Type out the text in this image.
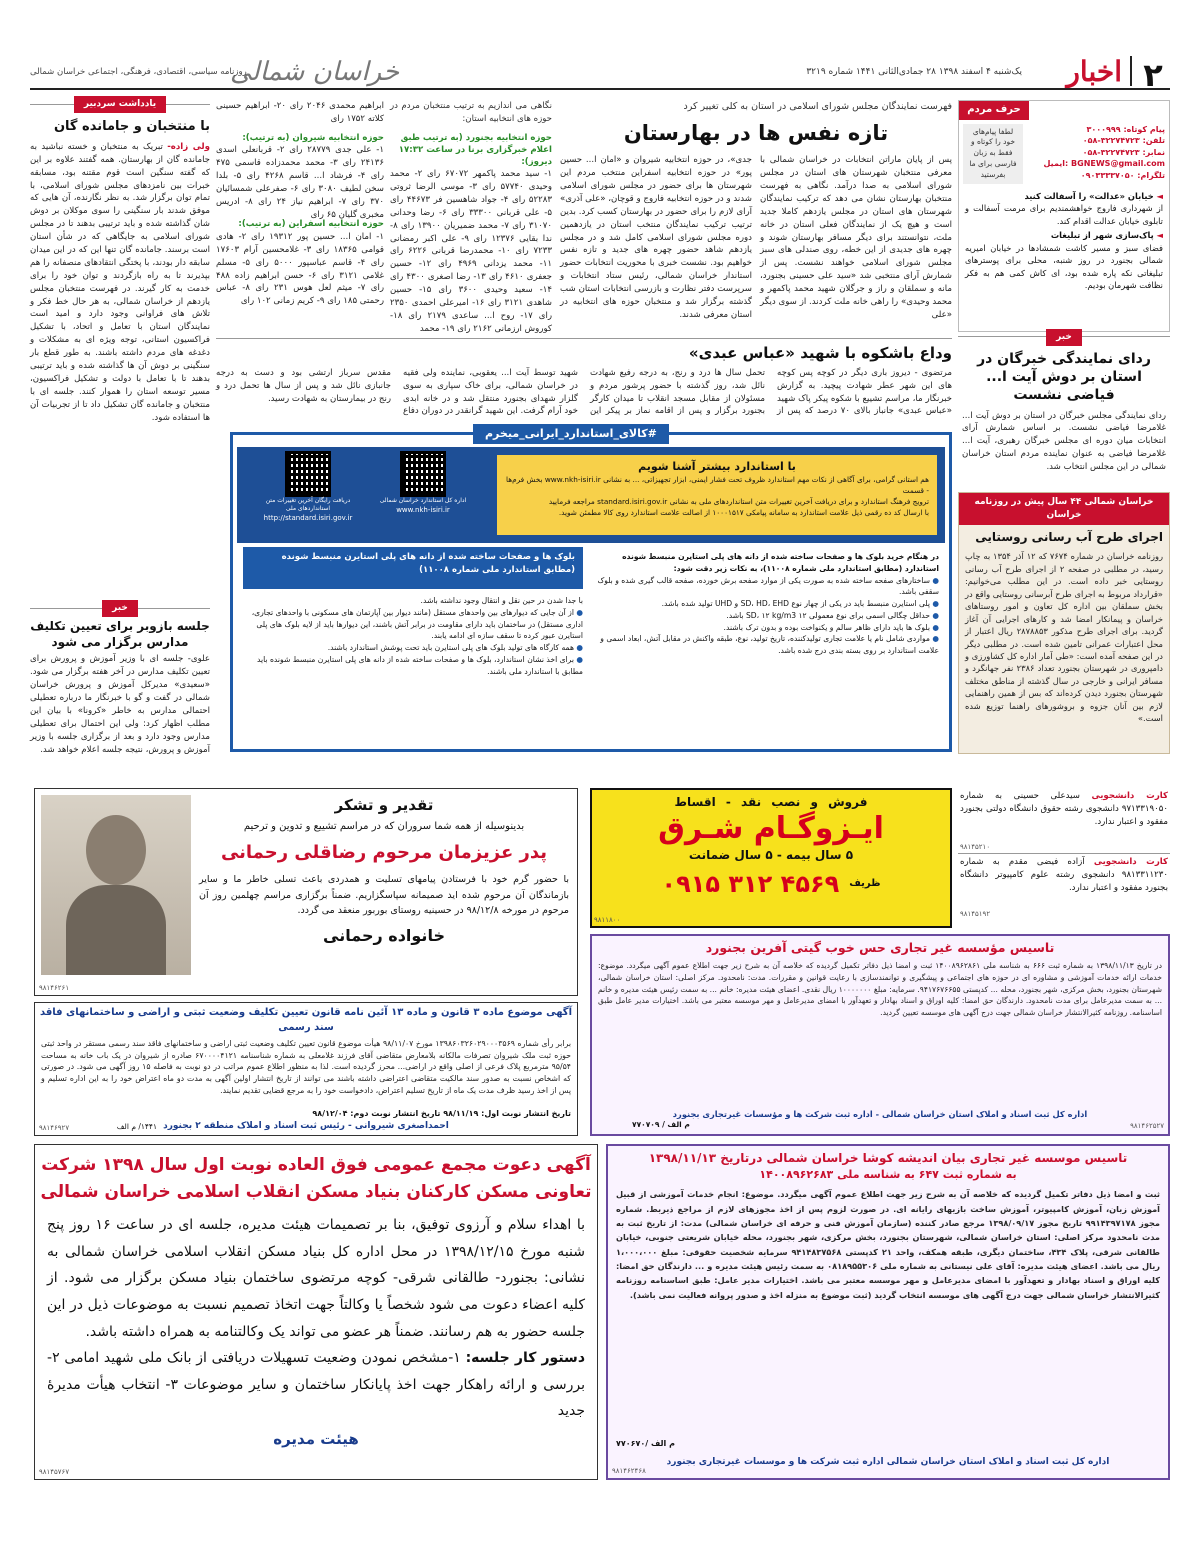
۲
اخبار
یک‌شنبه ۴ اسفند ۱۳۹۸ ۲۸ جمادی‌الثانی ۱۴۴۱ شماره ۳۲۱۹
خراسان شمالی
روزنامه سیاسی، اقتصادی، فرهنگی، اجتماعی خراسان شمالی
حرف مردم
پیام کوتاه: ۳۰۰۰۹۹۹
تلفن: ۳۲۲۷۴۷۲۳-۰۵۸
نمابر: ۳۲۲۷۴۷۲۳-۰۵۸
ایمیل: BGNEWS@gmail.com
تلگرام: ۰۹۰۳۳۳۳۷۰۵۰
لطفا پیام‌های خود را کوتاه و فقط به زبان فارسی برای ما بفرستید
◄ خیابان «عدالت» را آسفالت کنید
از شهرداری فاروج خواهشمندیم برای مرمت آسفالت و تابلوی خیابان عدالت اقدام کند.
◄ پاک‌سازی شهر از تبلیغات
فضای سبز و مسیر کاشت شمشادها در خیابان امیریه شمالی بجنورد در روز شنبه، محلی برای پوسترهای تبلیغاتی نکه پاره شده بود، ای کاش کمی هم به فکر نظافت شهرمان بودیم.
خبر
ردای نمایندگی خبرگان در استان بر دوش آیت ا... فیاضی نشست
ردای نمایندگی مجلس خبرگان در استان بر دوش آیت ا... غلامرضا فیاضی نشست. بر اساس شمارش آرای انتخابات میان دوره ای مجلس خبرگان رهبری، آیت ا... غلامرضا فیاضی به عنوان نماینده مردم استان خراسان شمالی در این مجلس انتخاب شد.
خراسان شمالی ۴۴ سال پیش در روزنامه خراسان
اجرای طرح آب رسانی روستایی
روزنامه خراسان در شماره ۷۶۷۴ که ۱۲ آذر ۱۳۵۴ به چاپ رسید، در مطلبی در صفحه ۲ از اجرای طرح آب رسانی روستایی خبر داده است. در این مطلب می‌خوانیم: «قرارداد مربوط به اجرای طرح آبرسانی روستایی واقع در بخش سملقان بین اداره کل تعاون و امور روستاهای خراسان و پیمانکار امضا شد و کارهای اجرایی آن آغاز گردید. برای اجرای طرح مذکور ۲۸۷۸۸۵۳ ریال اعتبار از محل اعتبارات عمرانی تامین شده است. در مطلبی دیگر در این صفحه آمده است: «طی آمار اداره کل کشاورزی و دامپروری در شهرستان بجنورد تعداد ۲۳۸۶ نفر جهانگرد و مسافر ایرانی و خارجی در سال گذشته از مناطق مختلف شهرستان بجنورد دیدن کرده‌اند که بس از همین راهنمایی لازم بین آنان جزوه و بروشورهای راهنما توزیع شده است.»
فهرست نمایندگان مجلس شورای اسلامی در استان به کلی تغییر کرد
تازه نفس ها در بهارستان
پس از پایان ماراتن انتخابات در خراسان شمالی با معرفی منتخبان شهرستان های استان در مجلس شورای اسلامی به صدا درآمد. نگاهی به فهرست منتخبان بهارستان نشان می دهد که ترکیب نمایندگان شهرستان های استان در مجلس یازدهم کاملا جدید است و هیچ یک از نمایندگان فعلی استان در خانه ملت، نتوانستند برای دیگر مسافر بهارستان شوند و چهره های جدیدی از این خطه، روی صندلی های سبز مجلس شورای اسلامی خواهند نشست. پس از شمارش آرای منتخبی شد «سید علی حسینی بجنورد، مانه و سملقان و راز و جرگلان شهید محمد پاکمهر و محمد وحیدی» را راهی خانه ملت کردند. از سوی دیگر «علی
جدی»، در حوزه انتخابیه شیروان و «امان ا... حسین پور» در حوزه انتخابیه اسفراین منتخب مردم این شهرستان ها برای حضور در مجلس شورای اسلامی شدند و در حوزه انتخابیه فاروج و قوچان، «علی آذری» آرای لازم را برای حضور در بهارستان کسب کرد. بدین ترتیب ترکیب نمایندگان منتخب استان در یازدهمین دوره مجلس شورای اسلامی کامل شد و در مجلس یازدهم شاهد حضور چهره های جدید و تازه نفس خواهیم بود. نشست خبری با محوریت انتخابات حضور استاندار خراسان شمالی، رئیس ستاد انتخابات و سرپرست دفتر نظارت و بازرسی انتخابات استان شب گذشته برگزار شد و منتخبان حوزه های انتخابیه در استان معرفی شدند.
نگاهی می اندازیم به ترتیب منتخبان مردم در حوزه های انتخابیه استان:
حوزه انتخابیه بجنورد (به ترتیب طبق اعلام خبرگزاری برنا در ساعت ۱۷:۳۲ دیروز):
۱- سید محمد پاکمهر ۶۷۰۷۲ رای ۲- محمد وحیدی ۵۷۷۴۰ رای ۳- موسی الرضا ثروتی ۵۲۲۸۳ رای ۴- جواد شاهسین فر ۴۴۶۷۳ رای ۵- علی قربانی ۳۳۳۰۰ رای ۶- رضا وحدانی ۳۱۰۷۰ رای ۷- محمد ضمیریان ۱۳۹۰۰ رای ۸- ندا بقایی ۱۲۳۷۶ رای ۹- علی اکبر رمضانی ۷۲۳۳ رای ۱۰- محمدرضا قربانی ۶۲۲۶ رای ۱۱- محمد یزدانی ۴۹۶۹ رای ۱۲- حسین جعفری ۴۶۱۰ رای ۱۳- رضا اصغری ۴۳۰۰ رای ۱۴- سعید وحیدی ۳۶۰۰ رای ۱۵- حسین شاهدی ۳۱۲۱ رای ۱۶- امیرعلی احمدی ۲۳۵۰ رای ۱۷- روح ا... ساعدی ۲۱۷۹ رای ۱۸- کوروش ارزمانی ۲۱۶۲ رای ۱۹- محمد
ابراهیم محمدی ۲۰۴۶ رای ۲۰- ابراهیم حسینی کلاته ۱۷۵۲ رای
حوزه انتخابیه شیروان (به ترتیب):
۱- علی جدی ۲۸۷۷۹ رای ۲- قربانعلی اسدی ۲۴۱۳۶ رای ۳- محمد محمدزاده قاسمی ۴۷۵ رای ۴- فرشاد ا... قاسم ۴۲۶۸ رای ۵- بلدا سخن لطیف ۳۰۸۰ رای ۶- صفرعلی شمسائیان ۳۷۰ رای ۷- ابراهیم نیاز ۲۴ رای ۸- ادریس مخبری گلیان ۶۵ رای
حوزه انتخابیه اسفراین (به ترتیب):
۱- امان ا... حسین پور ۱۹۳۱۲ رای ۲- هادی قوامی ۱۸۳۶۵ رای ۳- غلامحسین آرام ۱۷۶۰۳ رای ۴- قاسم عباسپور ۵۰۰۰ رای ۵- مسلم غلامی ۳۱۲۱ رای ۶- حسن ابراهیم زاده ۴۸۸ رای ۷- میثم لعل هوس ۲۳۱ رای ۸- عباس رحمتی ۱۸۵ رای ۹- کریم زمانی ۱۰۲ رای
وداع باشکوه با شهید «عباس عبدی»
مرتضوی - دیروز باری دیگر در کوچه پس کوچه های این شهر عطر شهادت پیچید. به گزارش خبرنگار ما، مراسم تشییع با شکوه پیکر پاک شهید «عباس عبدی» جانباز بالای ۷۰ درصد که پس از تحمل سال ها درد و رنج، به درجه رفیع شهادت نائل شد، روز گذشته با حضور پرشور مردم و مسئولان از مقابل مسجد انقلاب تا میدان کارگر بجنورد برگزار و پس از اقامه نماز بر پیکر این شهید توسط آیت ا... یعقوبی، نماینده ولی فقیه در خراسان شمالی، برای خاک سپاری به سوی گلزار شهدای بجنورد منتقل شد و در خانه ابدی خود آرام گرفت. این شهید گرانقدر در دوران دفاع مقدس سرباز ارتشی بود و دست به درجه جانبازی نائل شد و پس از سال ها تحمل درد و رنج در بیمارستان به شهادت رسید.
#کالای_استاندارد_ایرانی_میخرم
با استاندارد بیشتر آشنا شویم
هم استانی گرامی، برای آگاهی از نکات مهم استاندارد ظروف تحت فشار ایمنی، ابزار تجهیزاتی، ... به نشانی www.nkh-isiri.ir بخش فرم‌ها - قسمت
ترویج فرهنگ استاندارد و برای دریافت آخرین تغییرات متن استانداردهای ملی به نشانی standard.isiri.gov.ir مراجعه فرمایید
با ارسال کد ده رقمی ذیل علامت استاندارد به سامانه پیامکی ۱۰۰۰۱۵۱۷ از اصالت علامت استاندارد روی کالا مطمئن شوید.
اداره کل استاندارد خراسان شمالی
www.nkh-isiri.ir
دریافت رایگان آخرین تغییرات متن استانداردهای ملی
http://standard.isiri.gov.ir
در هنگام خرید بلوک ها و صفحات ساخته شده از دانه های پلی استایرن منبسط شونده استاندارد (مطابق استاندارد ملی شماره ۱۱۰۰۸)، به نکات زیر دقت شود:
● ساختارهای صفحه ساخته شده به صورت یکی از موارد صفحه برش خورده، صفحه قالب گیری شده و بلوک سقفی باشد.
● پلی استایرن منبسط باید در یکی از چهار نوع SD، HD، EHD و UHD تولید شده باشد.
● حداقل چگالی اسمی برای نوع معمولی ۱۲ SD، ۱۲ kg/m3 باشد.
● بلوک ها باید دارای ظاهر سالم و یکنواخت بوده و بدون ترک باشند.
● مواردی شامل نام یا علامت تجاری تولیدکننده، تاریخ تولید، نوع، طبقه واکنش در مقابل آتش، ابعاد اسمی و علامت استاندارد بر روی بسته بندی درج شده باشد.
بلوک ها و صفحات ساخته شده از دانه های پلی استایرن منبسط شونده (مطابق استاندارد ملی شماره ۱۱۰۰۸)
با جدا شدن در حین نقل و انتقال وجود نداشته باشد.
● از آن جایی که دیوارهای بین واحدهای مستقل (مانند دیوار بین آپارتمان های مسکونی با واحدهای تجاری، اداری مستقل) در ساختمان باید دارای مقاومت در برابر آتش باشند، این دیوارها باید از لایه بلوک های پلی استایرن عبور کرده تا سقف سازه ای ادامه یابند.
● همه کارگاه های تولید بلوک های پلی استایرن باید تحت پوشش استاندارد باشند.
● برای اخذ نشان استاندارد، بلوک ها و صفحات ساخته شده از دانه های پلی استایرن منبسط شونده باید مطابق با استاندارد ملی باشند.
یادداشت سردبیر
با منتخبان و جامانده گان
ولی زاده- تبریک به منتخبان و خسته نباشید به جامانده گان از بهارستان. همه گفتند علاوه بر این که گفته سنگین است قوم مقتنه بود، مسابقه خبرات بین نامزدهای مجلس شورای اسلامی، با تمام توان برگزار شد. به نظر نگارنده، آن هایی که موفق شدند بار سنگینی را سوی موکلان بر دوش شان گذاشته شده و باید ترتیبی بدهند تا در مجلس شورای اسلامی به جایگاهی که در شأن استان است برسند. جامانده گان تنها این که در این میدان سابقه دار بودند، با پختگی انتقادهای منصفانه را هم بپذیرند تا به راه بازگردند و توان خود را برای خدمت به کار گیرند. در فهرست منتخبان مجلس یازدهم از خراسان شمالی، به هر حال خط فکر و تلاش های فراوانی وجود دارد و امید است نمایندگان استان با تعامل و اتحاد، با تشکیل فراکسیون استانی، توجه ویژه ای به مشکلات و دغدغه های مردم داشته باشند. به طور قطع بار سنگینی بر دوش آن ها گذاشته شده و باید ترتیبی بدهند تا با تعامل با دولت و تشکیل فراکسیون، مسیر توسعه استان را هموار کنند. جلسه ای با منتخبان و جامانده گان تشکیل داد تا از تجربیات آن ها استفاده شود.
خبر
جلسه بازوبر برای تعیین تکلیف مدارس برگزار می شود
علوی- جلسه ای با وزیر آموزش و پرورش برای تعیین تکلیف مدارس در آخر هفته برگزار می شود. «سعیدی» مدیرکل آموزش و پرورش خراسان شمالی در گفت و گو با خبرنگار ما درباره تعطیلی احتمالی مدارس به خاطر «کرونا» با بیان این مطلب اظهار کرد: ولی این احتمال برای تعطیلی مدارس وجود دارد و بعد از برگزاری جلسه با وزیر آموزش و پرورش، نتیجه جلسه اعلام خواهد شد.
تقدیر و تشکر
بدینوسیله از همه شما سروران که در مراسم تشییع و تدوین و ترحیم
پدر عزیزمان مرحوم رضاقلی رحمانی
با حضور گرم خود با فرستادن پیامهای تسلیت و همدردی باعث تسلی خاطر ما و سایر بازماندگان آن مرحوم شده اید صمیمانه سپاسگزاریم. ضمناً برگزاری مراسم چهلمین روز آن مرحوم در مورخه ۹۸/۱۲/۸ در حسینیه روستای بوربور منعقد می گردد.
خانواده رحمانی
۹۸۱۴۶۲۶۱
فروش و نصب نقد - اقساط
ایـزوگـام شـرق
۵ سال بیمه - ۵ سال ضمانت
ظریف
۰۹۱۵ ۳۱۲ ۴۵۶۹
۹۸۱۱۸۰۰
کارت دانشجویی سیدعلی حسینی به شماره ۹۷۱۳۳۱۹۰۵۰ دانشجوی رشته حقوق دانشگاه دولتی بجنورد مفقود و اعتبار ندارد.
۹۸۱۴۵۲۱۰
کارت دانشجویی آزاده فیضی مقدم به شماره ۹۸۱۳۳۱۱۲۳۰ دانشجوی رشته علوم کامپیوتر دانشگاه بجنورد مفقود و اعتبار ندارد.
۹۸۱۴۵۱۹۲
آگهی موضوع ماده ۳ قانون و ماده ۱۳ آئین نامه قانون تعیین تکلیف وضعیت ثبتی و اراضی و ساختمانهای فاقد سند رسمی
برابر رأی شماره ۱۳۹۸۶۰۳۲۶۰۲۹۰۰۰۳۵۶۹ مورخ ۹۸/۱۱/۰۷ هیأت موضوع قانون تعیین تکلیف وضعیت ثبتی اراضی و ساختمانهای فاقد سند رسمی مستقر در واحد ثبتی حوزه ثبت ملک شیروان تصرفات مالکانه بلامعارض متقاضی آقای فرزند غلامعلی به شماره شناسنامه ۶۷۰۰۰۰۴۱۲۱ صادره از شیروان در یک باب خانه به مساحت ۹۵/۵۴ مترمربع پلاک فرعی از اصلی واقع در اراضی... محرز گردیده است. لذا به منظور اطلاع عموم مراتب در دو نوبت به فاصله ۱۵ روز آگهی می شود. در صورتی که اشخاص نسبت به صدور سند مالکیت متقاضی اعتراضی داشته باشند می توانند از تاریخ انتشار اولین آگهی به مدت دو ماه اعتراض خود را به این اداره تسلیم و پس از اخذ رسید ظرف مدت یک ماه از تاریخ تسلیم اعتراض، دادخواست خود را به مرجع قضایی تقدیم نمایند.
تاریخ انتشار نوبت اول: ۹۸/۱۱/۱۹ تاریخ انتشار نوبت دوم: ۹۸/۱۲/۰۴
احمداصغری شیروانی - رئیس ثبت اسناد و املاک منطقه ۲ بجنورد
۹۸۱۴۶۹۲۷	۱۴۴۱/ م الف
تاسیس مؤسسه غیر تجاری حس خوب گیتی آفرین بجنورد
در تاریخ ۱۳۹۸/۱۱/۱۳ به شماره ثبت ۶۶۶ به شناسه ملی ۱۴۰۰۸۹۶۲۸۶۱ ثبت و امضا ذیل دفاتر تکمیل گردیده که خلاصه آن به شرح زیر جهت اطلاع عموم آگهی میگردد. موضوع: خدمات ارائه خدمات آموزشی و مشاوره ای در حوزه های اجتماعی و پیشگیری و توانمندسازی با رعایت قوانین و مقررات. مدت: نامحدود. مرکز اصلی: استان خراسان شمالی، شهرستان بجنورد، بخش مرکزی، شهر بجنورد، محله ... کدپستی ۹۴۱۷۶۷۶۶۵۵. سرمایه: مبلغ ۱۰۰۰۰۰۰۰ ریال نقدی. اعضای هیئت مدیره: خانم ... به سمت رئیس هیئت مدیره و خانم ... به سمت مدیرعامل برای مدت نامحدود. دارندگان حق امضا: کلیه اوراق و اسناد بهادار و تعهدآور با امضای مدیرعامل و مهر موسسه معتبر می باشد. اختیارات مدیر عامل طبق اساسنامه. روزنامه کثیرالانتشار خراسان شمالی جهت درج آگهی های موسسه تعیین گردید.
اداره کل ثبت اسناد و املاک استان خراسان شمالی - اداره ثبت شرکت ها و مؤسسات غیرتجاری بجنورد
م الف / ۷۷۰۷۰۹	۹۸۱۴۶۲۵۲۷
آگهی دعوت مجمع عمومی فوق العاده نوبت اول سال ۱۳۹۸ شرکت
تعاونی مسکن کارکنان بنیاد مسکن انقلاب اسلامی خراسان شمالی
با اهداء سلام و آرزوی توفیق، بنا بر تصمیمات هیئت مدیره، جلسه ای در ساعت ۱۶ روز پنج شنبه مورخ ۱۳۹۸/۱۲/۱۵ در محل اداره کل بنیاد مسکن انقلاب اسلامی خراسان شمالی به نشانی: بجنورد- طالقانی شرقی- کوچه مرتضوی ساختمان بنیاد مسکن برگزار می شود. از کلیه اعضاء دعوت می شود شخصاً یا وکالتاً جهت اتخاذ تصمیم نسبت به موضوعات ذیل در این جلسه حضور به هم رسانند. ضمناً هر عضو می تواند یک وکالتنامه به همراه داشته باشد.
دستور کار جلسه: ۱-مشخص نمودن وضعیت تسهیلات دریافتی از بانک ملی شهید امامی ۲-بررسی و ارائه راهکار جهت اخذ پایانکار ساختمان و سایر موضوعات ۳- انتخاب هیأت مدیرۀ جدید
هیئت مدیره
۹۸۱۴۵۷۶۷
تاسیس موسسه غیر تجاری بیان اندیشه کوشا خراسان شمالی درتاریخ ۱۳۹۸/۱۱/۱۳
به شماره ثبت ۶۴۷ به شناسه ملی ۱۴۰۰۸۹۶۲۶۸۳
ثبت و امضا ذیل دفاتر تکمیل گردیده که خلاصه آن به شرح زیر جهت اطلاع عموم آگهی میگردد. موضوع: انجام خدمات آموزشی از قبیل آموزش زبان، آموزش کامپیوتر، آموزش ساخت بازیهای رایانه ای. در صورت لزوم پس از اخذ مجوزهای لازم از مراجع ذیربط. شماره مجوز ۹۹۱۴۳۹۷۱۷۸ تاریخ مجوز ۱۳۹۸/۰۹/۱۷ مرجع صادر کننده (سازمان آموزش فنی و حرفه ای خراسان شمالی) مدت: از تاریخ ثبت به مدت نامحدود مرکز اصلی: استان خراسان شمالی، شهرستان بجنورد، بخش مرکزی، شهر بجنورد، محله خیابان شریعتی جنوبی، خیابان طالقانی شرقی، پلاک ۴۳۴، ساختمان دیگری، طبقه همکف، واحد ۲۱ کدپستی ۹۴۱۴۸۳۷۵۶۸ سرمایه شخصیت حقوقی: مبلغ ۱،۰۰۰،۰۰۰ ریال می باشد. اعضای هیئت مدیره: آقای علی نیستانی به شماره ملی ۰۸۱۸۹۵۵۳۰۶ به سمت رئیس هیئت مدیره و ... دارندگان حق امضا: کلیه اوراق و اسناد بهادار و تعهدآور با امضای مدیرعامل و مهر موسسه معتبر می باشد. اختیارات مدیر عامل: طبق اساسنامه روزنامه کثیرالانتشار خراسان شمالی جهت درج آگهی های موسسه انتخاب گردید (ثبت موضوع به منزله اخذ و صدور پروانه فعالیت نمی باشد).
م الف /۷۷۰۶۷۰
اداره کل ثبت اسناد و املاک استان خراسان شمالی اداره ثبت شرکت ها و موسسات غیرتجاری بجنورد
۹۸۱۴۶۲۴۶۸
